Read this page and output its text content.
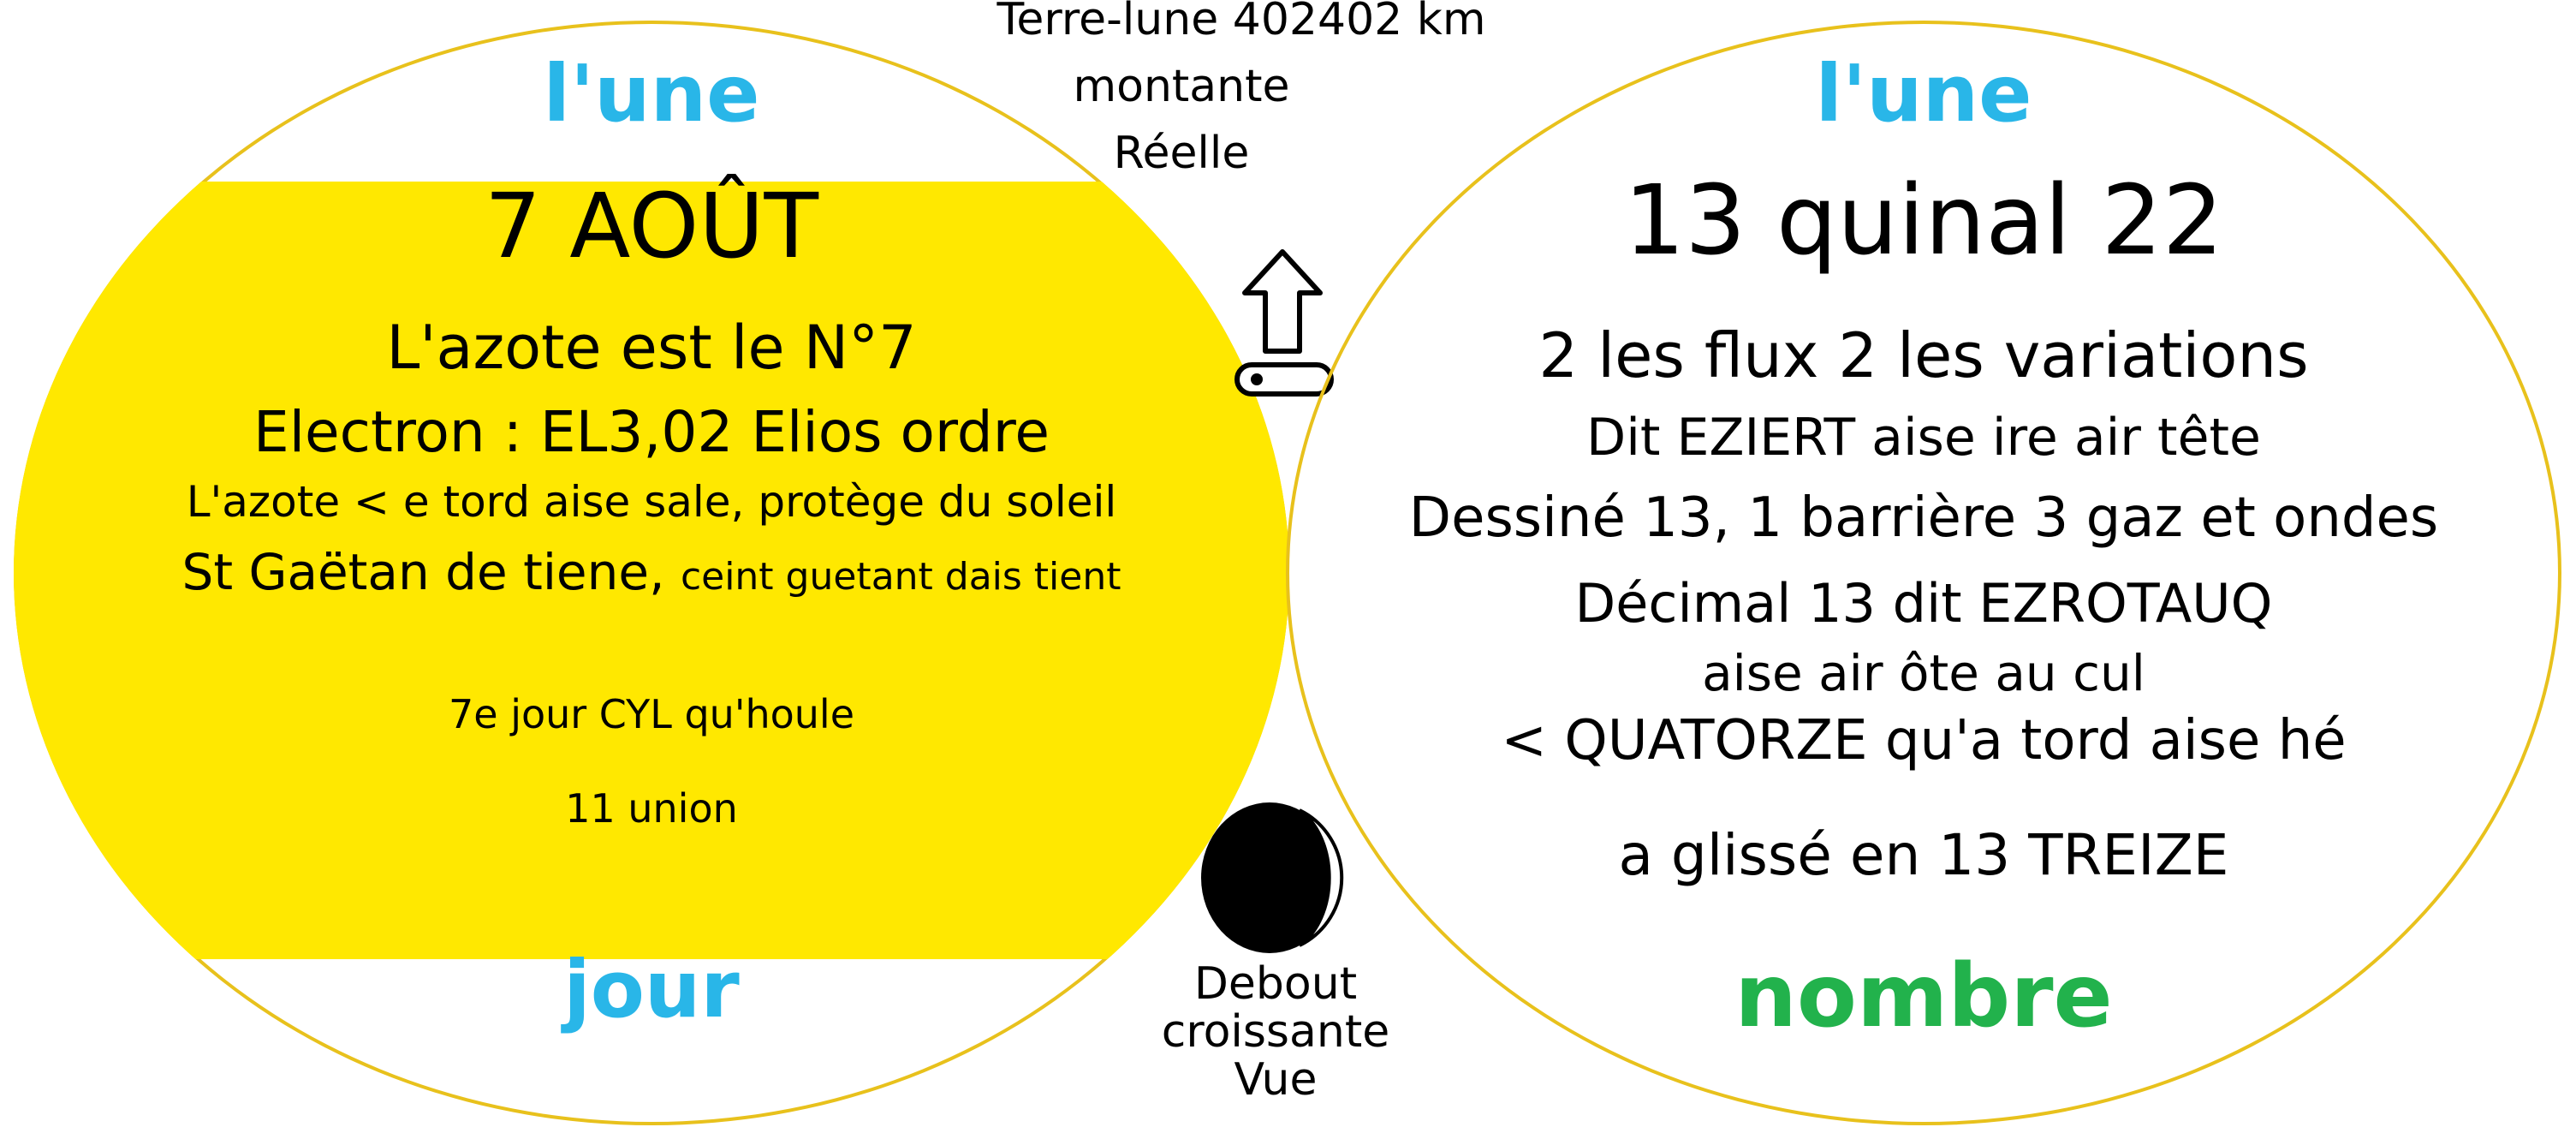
l'une
7 AOÛT
L'azote est le N°7
Electron : EL3,02 Elios ordre
L'azote < e tord aise sale, protège du soleil
St Gaëtan de tiene, ceint guetant dais tient
7e jour CYL qu'houle
11 union
jour
Terre-lune 402402 km
montante
Réelle
Debout
croissante
Vue
l'une
13 quinal 22
2 les flux 2 les variations
Dit EZIERT aise ire air tête
Dessiné 13, 1 barrière 3 gaz et ondes
Décimal 13 dit EZROTAUQ
aise air ôte au cul
< QUATORZE qu'a tord aise hé
a glissé en 13 TREIZE
nombre
